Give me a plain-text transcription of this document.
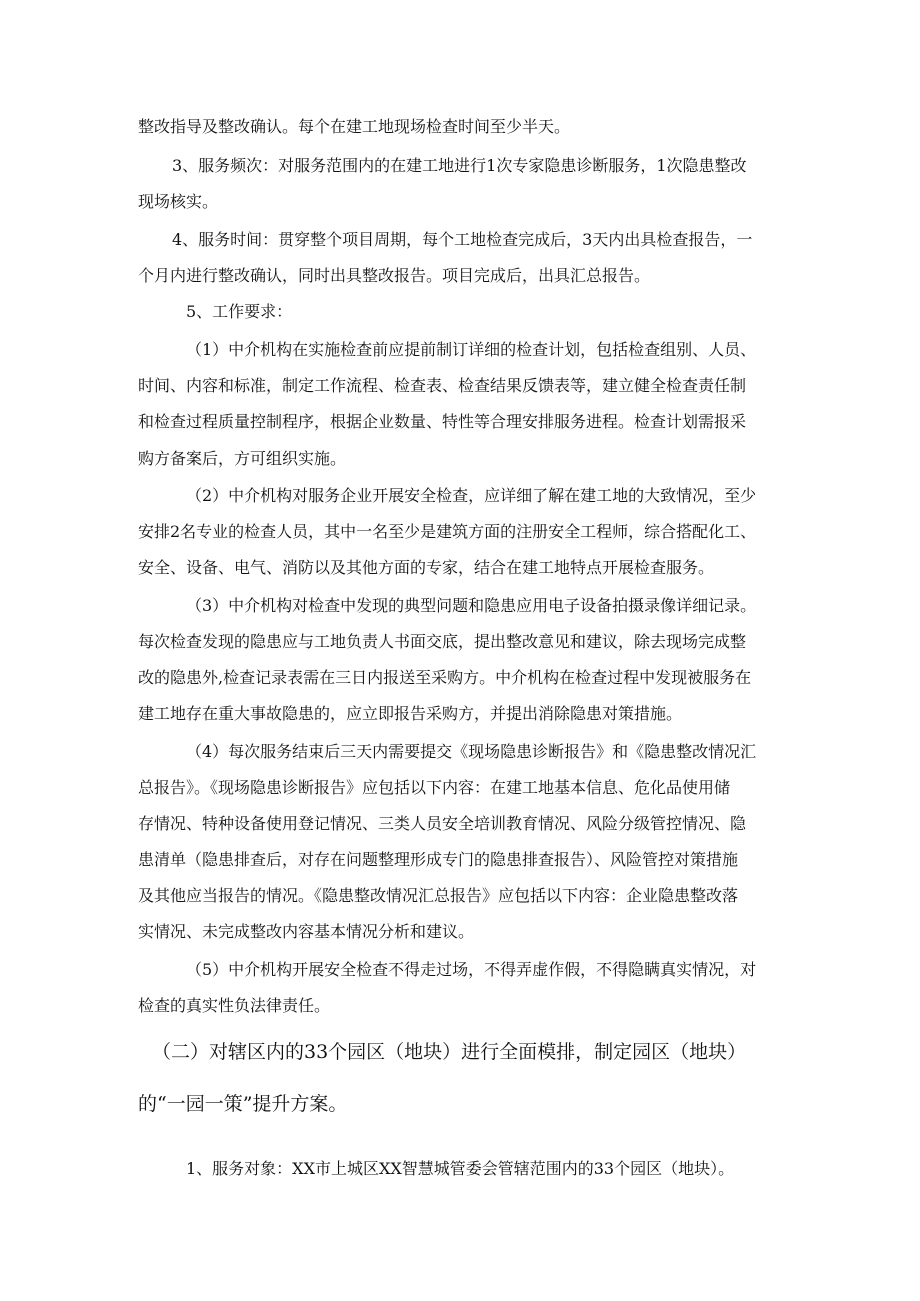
整改指导及整改确认。每个在建工地现场检查时间至少半天。
3、服务频次：对服务范围内的在建工地进行1次专家隐患诊断服务，1次隐患整改
现场核实。
4、服务时间：贯穿整个项目周期，每个工地检查完成后，3天内出具检查报告，一
个月内进行整改确认，同时出具整改报告。项目完成后，出具汇总报告。
5、工作要求：
（1）中介机构在实施检查前应提前制订详细的检查计划，包括检查组别、人员、
时间、内容和标准，制定工作流程、检查表、检查结果反馈表等，建立健全检查责任制
和检查过程质量控制程序，根据企业数量、特性等合理安排服务进程。检查计划需报采
购方备案后，方可组织实施。
（2）中介机构对服务企业开展安全检查，应详细了解在建工地的大致情况，至少
安排2名专业的检查人员，其中一名至少是建筑方面的注册安全工程师，综合搭配化工、
安全、设备、电气、消防以及其他方面的专家，结合在建工地特点开展检查服务。
（3）中介机构对检查中发现的典型问题和隐患应用电子设备拍摄录像详细记录。
每次检查发现的隐患应与工地负责人书面交底，提出整改意见和建议，除去现场完成整
改的隐患外,检查记录表需在三日内报送至采购方。中介机构在检查过程中发现被服务在
建工地存在重大事故隐患的，应立即报告采购方，并提出消除隐患对策措施。
（4）每次服务结束后三天内需要提交《现场隐患诊断报告》和《隐患整改情况汇
总报告》。《现场隐患诊断报告》应包括以下内容：在建工地基本信息、危化品使用储
存情况、特种设备使用登记情况、三类人员安全培训教育情况、风险分级管控情况、隐
患清单（隐患排查后，对存在问题整理形成专门的隐患排查报告）、风险管控对策措施
及其他应当报告的情况。《隐患整改情况汇总报告》应包括以下内容：企业隐患整改落
实情况、未完成整改内容基本情况分析和建议。
（5）中介机构开展安全检查不得走过场，不得弄虚作假，不得隐瞒真实情况，对
检查的真实性负法律责任。
（二）对辖区内的33个园区（地块）进行全面模排，制定园区（地块）
的“一园一策”提升方案。
1、服务对象：XX市上城区XX智慧城管委会管辖范围内的33个园区（地块）。
